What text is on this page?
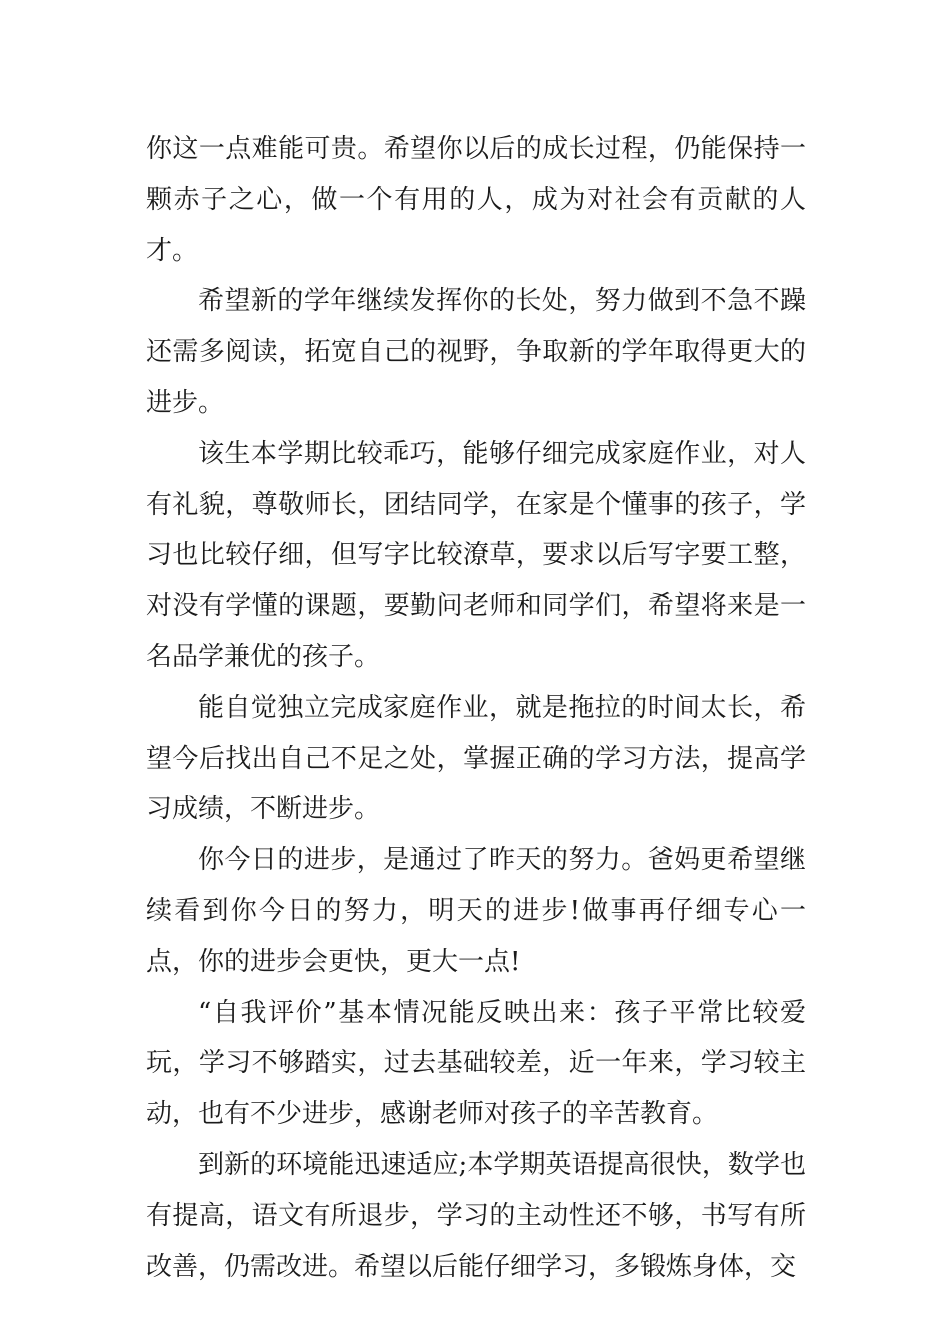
你这一点难能可贵。希望你以后的成长过程，仍能保持一颗赤子之心，做一个有用的人，成为对社会有贡献的人才。

希望新的学年继续发挥你的长处，努力做到不急不躁还需多阅读，拓宽自己的视野，争取新的学年取得更大的进步。

该生本学期比较乖巧，能够仔细完成家庭作业，对人有礼貌，尊敬师长，团结同学，在家是个懂事的孩子，学习也比较仔细，但写字比较潦草，要求以后写字要工整，对没有学懂的课题，要勤问老师和同学们，希望将来是一名品学兼优的孩子。

能自觉独立完成家庭作业，就是拖拉的时间太长，希望今后找出自己不足之处，掌握正确的学习方法，提高学习成绩，不断进步。

你今日的进步，是通过了昨天的努力。爸妈更希望继续看到你今日的努力，明天的进步!做事再仔细专心一点，你的进步会更快，更大一点!

“自我评价”基本情况能反映出来：孩子平常比较爱玩，学习不够踏实，过去基础较差，近一年来，学习较主动，也有不少进步，感谢老师对孩子的辛苦教育。

到新的环境能迅速适应;本学期英语提高很快，数学也有提高，语文有所退步，学习的主动性还不够，书写有所改善，仍需改进。希望以后能仔细学习，多锻炼身体，交
